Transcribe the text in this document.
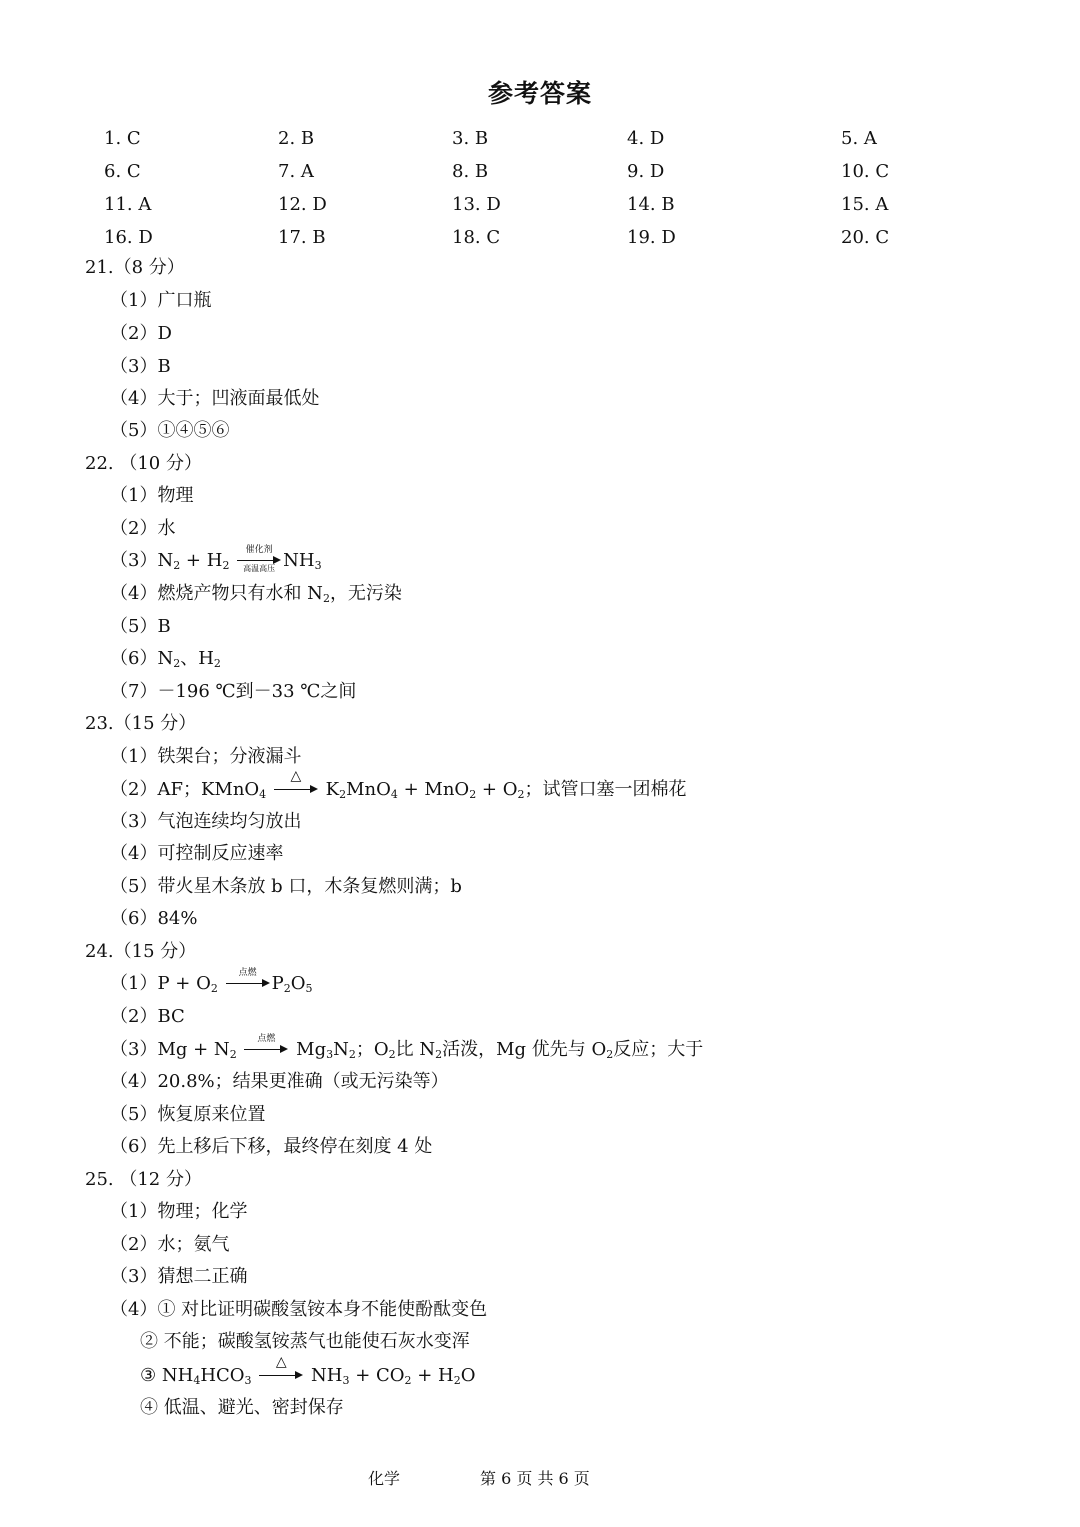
参考答案
1. C	2. B	3. B	4. D	5. A
6. C	7. A	8. B	9. D	10. C
11. A	12. D	13. D	14. B	15. A
16. D	17. B	18. C	19. D	20. C
21.（8 分）
（1）广口瓶
（2）D
（3）B
（4）大于；凹液面最低处
（5）①④⑤⑥
22. （10 分）
（1）物理
（2）水
$(3)N_2 + H_2$
催化剂
高温高压 $NH_3$
（4）燃烧产物只有水和 $N_2$，无污染
（5）B
$(6)N_2$、$H_2$
（7）－196 ℃到－33 ℃之间
23.（15 分）
（1）铁架台；分液漏斗
（2）AF；KMnO$_4$
△
$K_2MnO_4 + MnO_2 + O_2$；试管口塞一团棉花
（3）气泡连续均匀放出
（4）可控制反应速率
（5）带火星木条放 b 口，木条复燃则满；b
（6）84%
24.（15 分）
$(1)P + O_2$
点燃 $P_2O_5$
（2）BC
$(3)Mg + N_2$
点燃	$Mg_3N_2$；$O_2$比 $N_2$活泼，Mg 优先与 $O_2$反应；大于
（4）20.8%；结果更准确（或无污染等）
（5）恢复原来位置
（6）先上移后下移，最终停在刻度 4 处
25. （12 分）
（1）物理；化学
（2）水；氨气
（3）猜想二正确
（4）① 对比证明碳酸氢铵本身不能使酚酞变色
② 不能；碳酸氢铵蒸气也能使石灰水变浑
③ $NH_4HCO_3$
△
$NH_3 + CO_2 + H_2O$
④ 低温、避光、密封保存
化学	第 6 页 共 6 页
